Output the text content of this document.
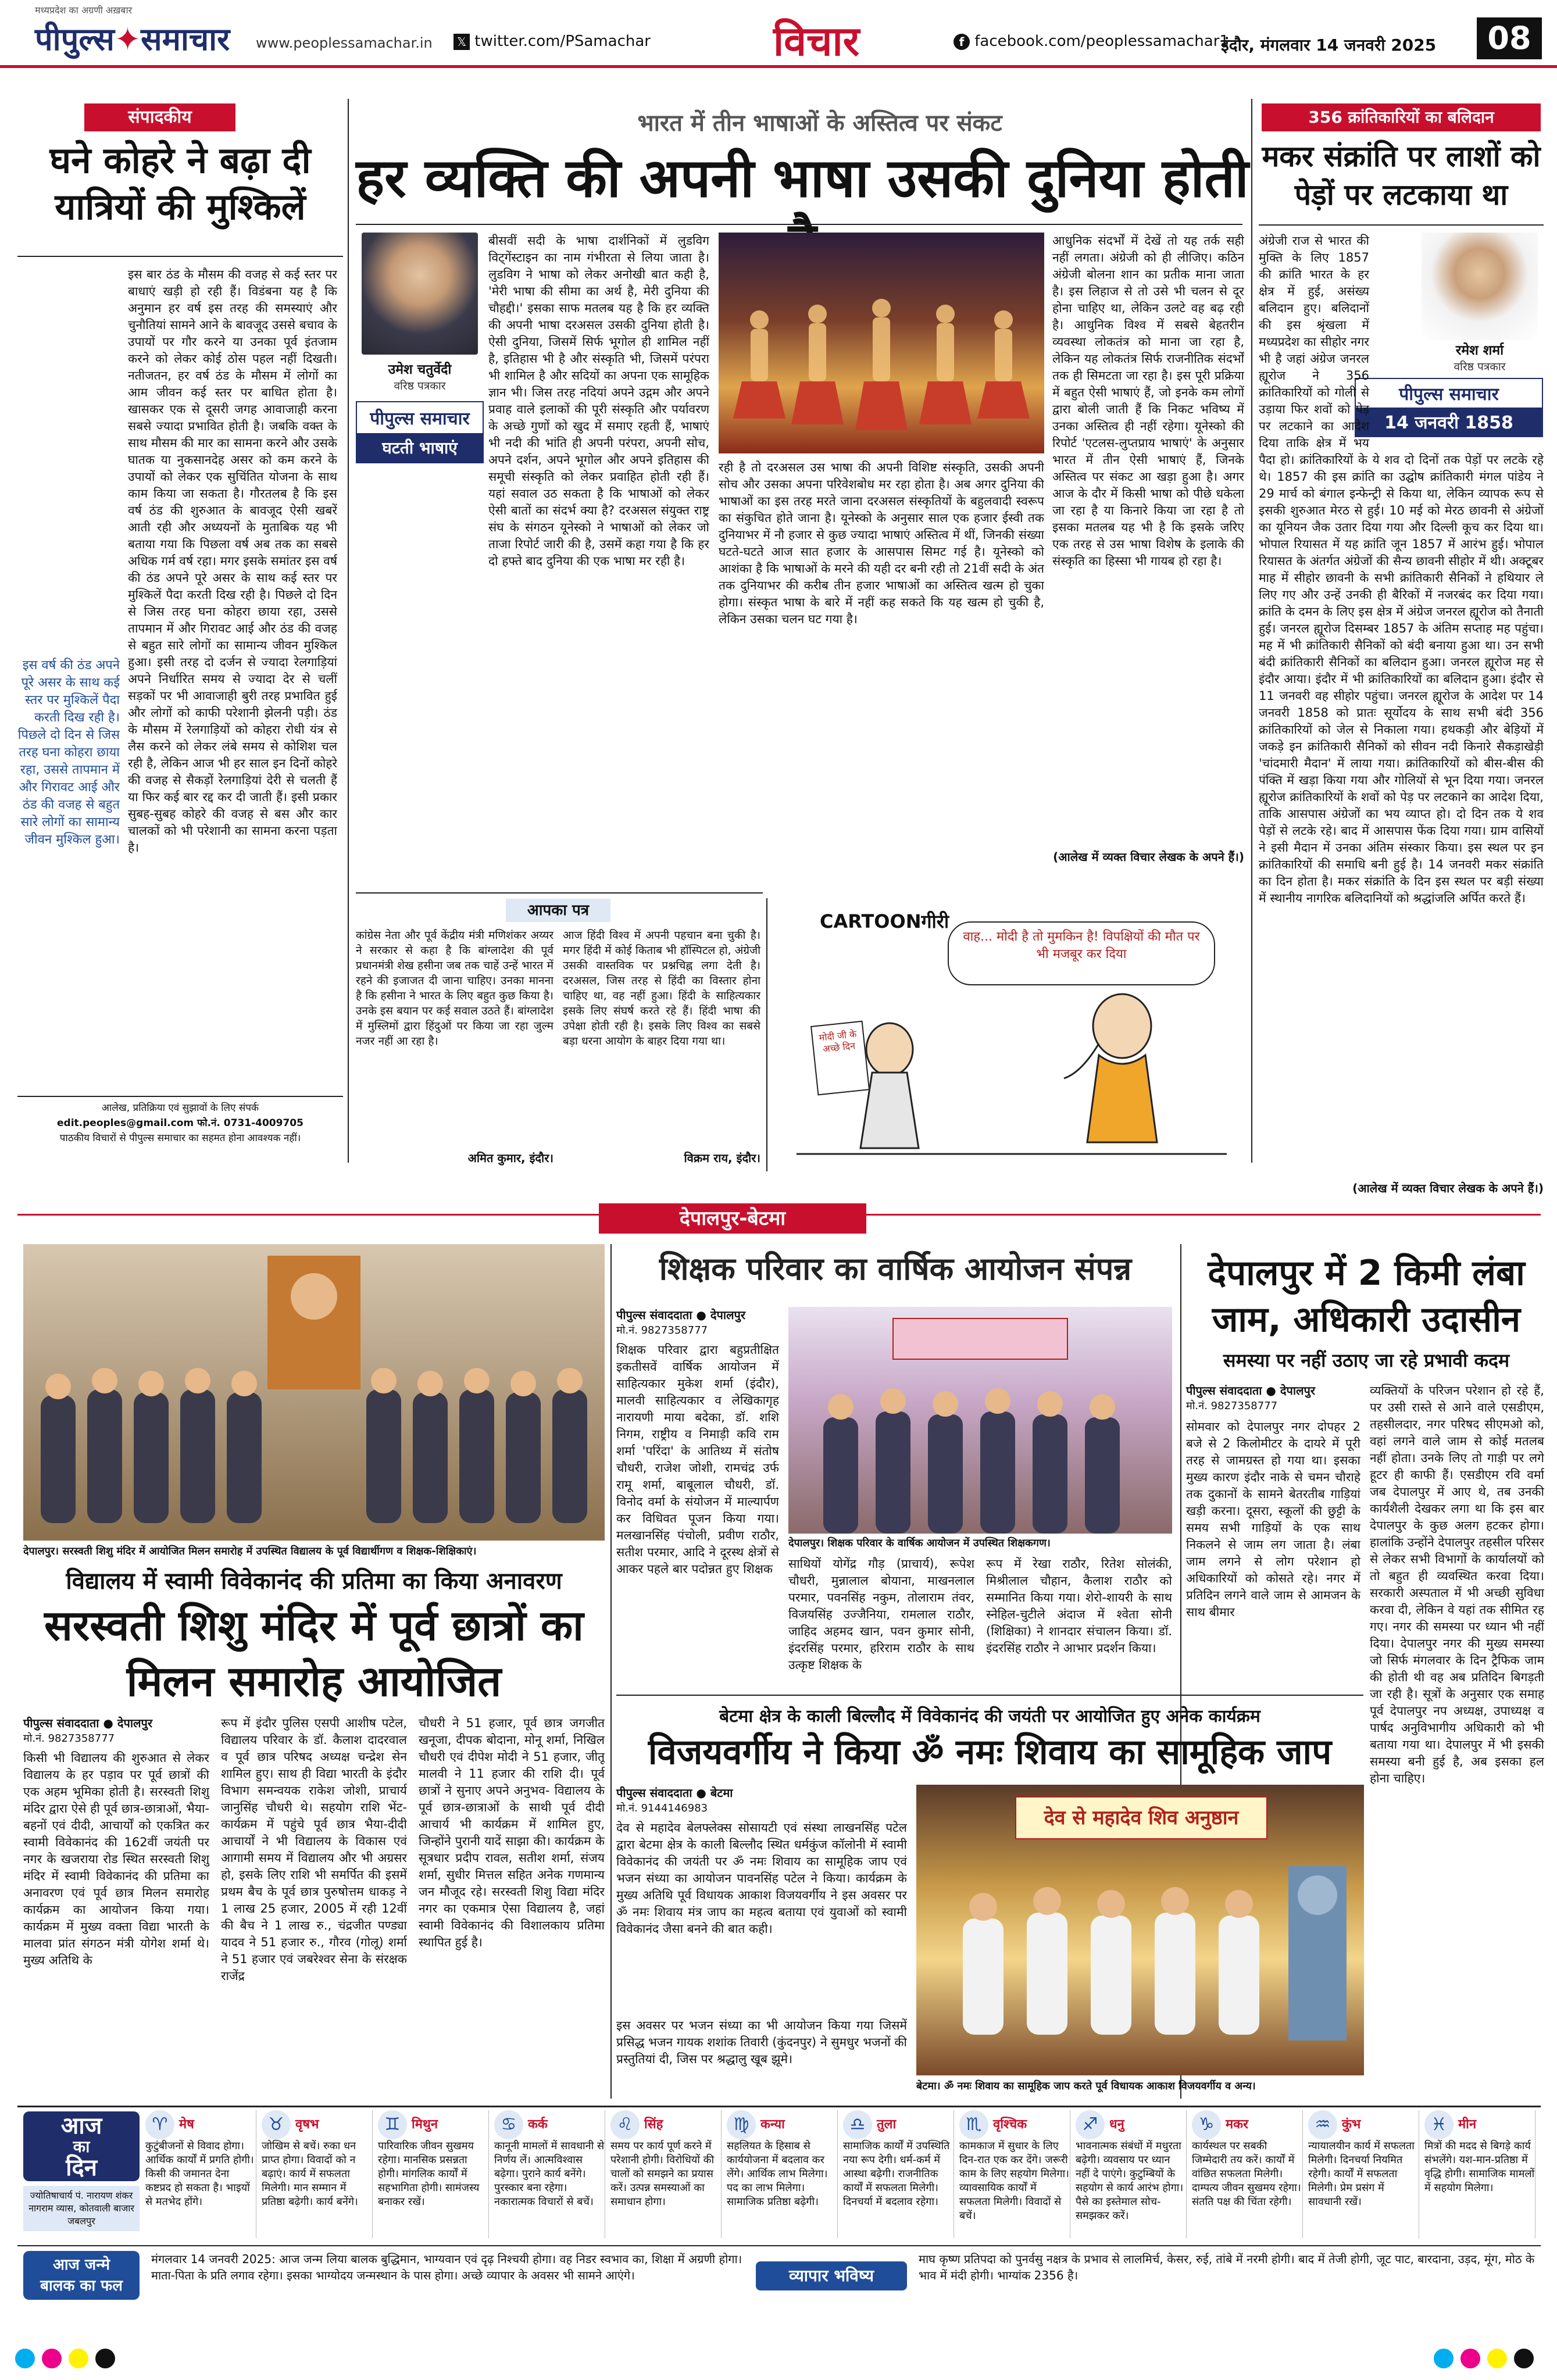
मध्यप्रदेश का अग्रणी अख़बार
पीपुल्स✦समाचार www.peoplessamachar.in 𝕏 twitter.com/PSamachar	विचार	f facebook.com/peoplessamachar1
इंदौर, मंगलवार 14 जनवरी 2025	08
संपादकीय
घने कोहरे ने बढ़ा दी यात्रियों की मुश्किलें
इस बार ठंड के मौसम की वजह से कई स्तर पर बाधाएं खड़ी हो रही हैं। विडंबना यह है कि अनुमान हर वर्ष इस तरह की समस्याएं और चुनौतियां सामने आने के बावजूद उससे बचाव के उपायों पर गौर करने या उनका पूर्व इंतजाम करने को लेकर कोई ठोस पहल नहीं दिखती। नतीजतन, हर वर्ष ठंड के मौसम में लोगों का आम जीवन कई स्तर पर बाधित होता है। खासकर एक से दूसरी जगह आवाजाही करना सबसे ज्यादा प्रभावित होती है। जबकि वक्त के साथ मौसम की मार का सामना करने और उसके घातक या नुकसानदेह असर को कम करने के उपायों को लेकर एक सुचिंतित योजना के साथ काम किया जा सकता है। गौरतलब है कि इस वर्ष ठंड की शुरुआत के बावजूद ऐसी खबरें आती रही और अध्ययनों के मुताबिक यह भी बताया गया कि पिछला वर्ष अब तक का सबसे अधिक गर्म वर्ष रहा। मगर इसके समांतर इस वर्ष की ठंड अपने पूरे असर के साथ कई स्तर पर मुश्किलें पैदा करती दिख रही है। पिछले दो दिन से जिस तरह घना कोहरा छाया रहा, उससे तापमान में और गिरावट आई और ठंड की वजह से बहुत सारे लोगों का सामान्य जीवन मुश्किल हुआ। इसी तरह दो दर्जन से ज्यादा रेलगाड़ियां अपने निर्धारित समय से ज्यादा देर से चलीं सड़कों पर भी आवाजाही बुरी तरह प्रभावित हुई और लोगों को काफी परेशानी झेलनी पड़ी। ठंड के मौसम में रेलगाड़ियों को कोहरा रोधी यंत्र से लैस करने को लेकर लंबे समय से कोशिश चल रही है, लेकिन आज भी हर साल इन दिनों कोहरे की वजह से सैकड़ों रेलगाड़ियां देरी से चलती हैं या फिर कई बार रद्द कर दी जाती हैं। इसी प्रकार सुबह-सुबह कोहरे की वजह से बस और कार चालकों को भी परेशानी का सामना करना पड़ता है।
इस वर्ष की ठंड अपने पूरे असर के साथ कई स्तर पर मुश्किलें पैदा करती दिख रही है। पिछले दो दिन से जिस तरह घना कोहरा छाया रहा, उससे तापमान में और गिरावट आई और ठंड की वजह से बहुत सारे लोगों का सामान्य जीवन मुश्किल हुआ।
आलेख, प्रतिक्रिया एवं सुझावों के लिए संपर्क
edit.peoples@gmail.com फो.नं. 0731-4009705
पाठकीय विचारों से पीपुल्स समाचार का सहमत होना आवश्यक नहीं।
भारत में तीन भाषाओं के अस्तित्व पर संकट
हर व्यक्ति की अपनी भाषा उसकी दुनिया होती
उमेश चतुर्वेदी
वरिष्ठ पत्रकार
पीपुल्स समाचार
घटती भाषाएं
बीसवीं सदी के भाषा दार्शनिकों में लुडविग विट्गेंस्टाइन का नाम गंभीरता से लिया जाता है। लुडविग ने भाषा को लेकर अनोखी बात कही है, 'मेरी भाषा की सीमा का अर्थ है, मेरी दुनिया की चौहद्दी।' इसका साफ मतलब यह है कि हर व्यक्ति की अपनी भाषा दरअसल उसकी दुनिया होती है। ऐसी दुनिया, जिसमें सिर्फ भूगोल ही शामिल नहीं है, इतिहास भी है और संस्कृति भी, जिसमें परंपरा भी शामिल है और सदियों का अपना एक सामूहिक ज्ञान भी। जिस तरह नदियां अपने उद्गम और अपने प्रवाह वाले इलाकों की पूरी संस्कृति और पर्यावरण के अच्छे गुणों को खुद में समाए रहती हैं, भाषाएं भी नदी की भांति ही अपनी परंपरा, अपनी सोच, अपने दर्शन, अपने भूगोल और अपने इतिहास की समूची संस्कृति को लेकर प्रवाहित होती रही हैं। यहां सवाल उठ सकता है कि भाषाओं को लेकर ऐसी बातों का संदर्भ क्या है? दरअसल संयुक्त राष्ट्र संघ के संगठन यूनेस्को ने भाषाओं को लेकर जो ताजा रिपोर्ट जारी की है, उसमें कहा गया है कि हर दो हफ्ते बाद दुनिया की एक भाषा मर रही है।
रही है तो दरअसल उस भाषा की अपनी विशिष्ट संस्कृति, उसकी अपनी सोच और उसका अपना परिवेशबोध मर रहा होता है। अब अगर दुनिया की भाषाओं का इस तरह मरते जाना दरअसल संस्कृतियों के बहुलवादी स्वरूप का संकुचित होते जाना है। यूनेस्को के अनुसार साल एक हजार ईस्वी तक दुनियाभर में नौ हजार से कुछ ज्यादा भाषाएं अस्तित्व में थीं, जिनकी संख्या घटते-घटते आज सात हजार के आसपास सिमट गई है। यूनेस्को को आशंका है कि भाषाओं के मरने की यही दर बनी रही तो 21वीं सदी के अंत तक दुनियाभर की करीब तीन हजार भाषाओं का अस्तित्व खत्म हो चुका होगा। संस्कृत भाषा के बारे में नहीं कह सकते कि यह खत्म हो चुकी है, लेकिन उसका चलन घट गया है।
आधुनिक संदर्भों में देखें तो यह तर्क सही नहीं लगता। अंग्रेजी को ही लीजिए। कठिन अंग्रेजी बोलना शान का प्रतीक माना जाता है। इस लिहाज से तो उसे भी चलन से दूर होना चाहिए था, लेकिन उलटे वह बढ़ रही है। आधुनिक विश्व में सबसे बेहतरीन व्यवस्था लोकतंत्र को माना जा रहा है, लेकिन यह लोकतंत्र सिर्फ राजनीतिक संदर्भों तक ही सिमटता जा रहा है। इस पूरी प्रक्रिया में बहुत ऐसी भाषाएं हैं, जो इनके कम लोगों द्वारा बोली जाती हैं कि निकट भविष्य में उनका अस्तित्व ही नहीं रहेगा। यूनेस्को की रिपोर्ट 'एटलस-लुप्तप्राय भाषाएं' के अनुसार भारत में तीन ऐसी भाषाएं हैं, जिनके अस्तित्व पर संकट आ खड़ा हुआ है। अगर आज के दौर में किसी भाषा को पीछे धकेला जा रहा है या किनारे किया जा रहा है तो इसका मतलब यह भी है कि इसके जरिए एक तरह से उस भाषा विशेष के इलाके की संस्कृति का हिस्सा भी गायब हो रहा है।
(आलेख में व्यक्त विचार लेखक के अपने हैं।)
356 क्रांतिकारियों का बलिदान
मकर संक्रांति पर लाशों को पेड़ों पर लटकाया था
रमेश शर्मा
वरिष्ठ पत्रकार
पीपुल्स समाचार
14 जनवरी 1858
अंग्रेजी राज से भारत की मुक्ति के लिए 1857 की क्रांति भारत के हर क्षेत्र में हुई, असंख्य बलिदान हुए। बलिदानों की इस श्रृंखला में मध्यप्रदेश का सीहोर नगर भी है जहां अंग्रेज जनरल ह्यूरोज ने 356 क्रांतिकारियों को गोली से उड़ाया फिर शवों को पेड़ पर लटकाने का आदेश दिया ताकि क्षेत्र में भय पैदा हो। क्रांतिकारियों के ये शव दो दिनों तक पेड़ों पर लटके रहे थे। 1857 की इस क्रांति का उद्घोष क्रांतिकारी मंगल पांडेय ने 29 मार्च को बंगाल इन्फेन्ट्री से किया था, लेकिन व्यापक रूप से इसकी शुरुआत मेरठ से हुई। 10 मई को मेरठ छावनी से अंग्रेजों का यूनियन जैक उतार दिया गया और दिल्ली कूच कर दिया था। भोपाल रियासत में यह क्रांति जून 1857 में आरंभ हुई। भोपाल रियासत के अंतर्गत अंग्रेजों की सैन्य छावनी सीहोर में थी। अक्टूबर माह में सीहोर छावनी के सभी क्रांतिकारी सैनिकों ने हथियार ले लिए गए और उन्हें उनकी ही बैरिकों में नजरबंद कर दिया गया। क्रांति के दमन के लिए इस क्षेत्र में अंग्रेज जनरल ह्यूरोज को तैनाती हुई। जनरल ह्यूरोज दिसम्बर 1857 के अंतिम सप्ताह मह पहुंचा। मह में भी क्रांतिकारी सैनिकों को बंदी बनाया हुआ था। उन सभी बंदी क्रांतिकारी सैनिकों का बलिदान हुआ। जनरल ह्यूरोज मह से इंदौर आया। इंदौर में भी क्रांतिकारियों का बलिदान हुआ। इंदौर से 11 जनवरी वह सीहोर पहुंचा। जनरल ह्यूरोज के आदेश पर 14 जनवरी 1858 को प्रातः सूर्योदय के साथ सभी बंदी 356 क्रांतिकारियों को जेल से निकाला गया। हथकड़ी और बेड़ियों में जकड़े इन क्रांतिकारी सैनिकों को सीवन नदी किनारे सैकड़ाखेड़ी 'चांदमारी मैदान' में लाया गया। क्रांतिकारियों को बीस-बीस की पंक्ति में खड़ा किया गया और गोलियों से भून दिया गया। जनरल ह्यूरोज क्रांतिकारियों के शवों को पेड़ पर लटकाने का आदेश दिया, ताकि आसपास अंग्रेजों का भय व्याप्त हो। दो दिन तक ये शव पेड़ों से लटके रहे। बाद में आसपास फेंक दिया गया। ग्राम वासियों ने इसी मैदान में उनका अंतिम संस्कार किया। इस स्थल पर इन क्रांतिकारियों की समाधि बनी हुई है। 14 जनवरी मकर संक्रांति का दिन होता है। मकर संक्रांति के दिन इस स्थल पर बड़ी संख्या में स्थानीय नागरिक बलिदानियों को श्रद्धांजलि अर्पित करते हैं।
(आलेख में व्यक्त विचार लेखक के अपने हैं।)
आपका पत्र
कांग्रेस नेता और पूर्व केंद्रीय मंत्री मणिशंकर अय्यर ने सरकार से कहा है कि बांग्लादेश की पूर्व प्रधानमंत्री शेख हसीना जब तक चाहें उन्हें भारत में रहने की इजाजत दी जाना चाहिए। उनका मानना है कि हसीना ने भारत के लिए बहुत कुछ किया है। उनके इस बयान पर कई सवाल उठते हैं। बांग्लादेश में मुस्लिमों द्वारा हिंदुओं पर किया जा रहा जुल्म नजर नहीं आ रहा है।
अमित कुमार, इंदौर।
आज हिंदी विश्व में अपनी पहचान बना चुकी है। मगर हिंदी में कोई किताब भी हॉस्पिटल हो, अंग्रेजी उसकी वास्तविक पर प्रश्नचिह्न लगा देती है। दरअसल, जिस तरह से हिंदी का विस्तार होना चाहिए था, वह नहीं हुआ। हिंदी के साहित्यकार इसके लिए संघर्ष करते रहे हैं। हिंदी भाषा की उपेक्षा होती रही है। इसके लिए विश्व का सबसे बड़ा धरना आयोग के बाहर दिया गया था।
विक्रम राय, इंदौर।
CARTOONगीरी
वाह... मोदी है तो मुमकिन है! विपक्षियों की मौत पर भी मजबूर कर दिया
मोदी जी के अच्छे दिन
देपालपुर-बेटमा
देपालपुर। सरस्वती शिशु मंदिर में आयोजित मिलन समारोह में उपस्थित विद्यालय के पूर्व विद्यार्थीगण व शिक्षक-शिक्षिकाएं।
विद्यालय में स्वामी विवेकानंद की प्रतिमा का किया अनावरण
सरस्वती शिशु मंदिर में पूर्व छात्रों का मिलन समारोह आयोजित
पीपुल्स संवाददाता ● देपालपुर
मो.नं. 9827358777
किसी भी विद्यालय की शुरुआत से लेकर विद्यालय के हर पड़ाव पर पूर्व छात्रों की एक अहम भूमिका होती है। सरस्वती शिशु मंदिर द्वारा ऐसे ही पूर्व छात्र-छात्राओं, भैया-बहनों एवं दीदी, आचार्यों को एकत्रित कर स्वामी विवेकानंद की 162वीं जयंती पर नगर के खजराया रोड स्थित सरस्वती शिशु मंदिर में स्वामी विवेकानंद की प्रतिमा का अनावरण एवं पूर्व छात्र मिलन समारोह कार्यक्रम का आयोजन किया गया। कार्यक्रम में मुख्य वक्ता विद्या भारती के मालवा प्रांत संगठन मंत्री योगेश शर्मा थे। मुख्य अतिथि के
रूप में इंदौर पुलिस एसपी आशीष पटेल, विद्यालय परिवार के डॉ. कैलाश दादरवाल व पूर्व छात्र परिषद अध्यक्ष चन्द्रेश सेन शामिल हुए। साथ ही विद्या भारती के इंदौर विभाग समन्वयक राकेश जोशी, प्राचार्य जानुसिंह चौधरी थे। सहयोग राशि भेंट-कार्यक्रम में पहुंचे पूर्व छात्र भैया-दीदी आचार्यों ने भी विद्यालय के विकास एवं आगामी समय में विद्यालय और भी अग्रसर हो, इसके लिए राशि भी समर्पित की इसमें प्रथम बैच के पूर्व छात्र पुरुषोत्तम धाकड़ ने 1 लाख 25 हजार, 2005 में रही 12वीं की बैच ने 1 लाख रु., चंद्रजीत पण्ड्या यादव ने 51 हजार रु., गौरव (गोलू) शर्मा ने 51 हजार एवं जबरेश्वर सेना के संरक्षक राजेंद्र
चौधरी ने 51 हजार, पूर्व छात्र जगजीत खनूजा, दीपक बोदाना, मोनू शर्मा, निखिल चौधरी एवं दीपेश मोदी ने 51 हजार, जीतू मालवी ने 11 हजार की राशि दी। पूर्व छात्रों ने सुनाए अपने अनुभव- विद्यालय के पूर्व छात्र-छात्राओं के साथी पूर्व दीदी आचार्य भी कार्यक्रम में शामिल हुए, जिन्होंने पुरानी यादें साझा की। कार्यक्रम के सूत्रधार प्रदीप रावल, सतीश शर्मा, संजय शर्मा, सुधीर मित्तल सहित अनेक गणमान्य जन मौजूद रहे। सरस्वती शिशु विद्या मंदिर नगर का एकमात्र ऐसा विद्यालय है, जहां स्वामी विवेकानंद की विशालकाय प्रतिमा स्थापित हुई है।
शिक्षक परिवार का वार्षिक आयोजन संपन्न
पीपुल्स संवाददाता ● देपालपुर
मो.नं. 9827358777
शिक्षक परिवार द्वारा बहुप्रतीक्षित इकतीसवें वार्षिक आयोजन में साहित्यकार मुकेश शर्मा (इंदौर), मालवी साहित्यकार व लेखिकागृह नारायणी माया बदेका, डॉ. शशि निगम, राष्ट्रीय व निमाड़ी कवि राम शर्मा 'परिंदा' के आतिथ्य में संतोष चौधरी, राजेश जोशी, रामचंद्र उर्फ रामू शर्मा, बाबूलाल चौधरी, डॉ. विनोद वर्मा के संयोजन में माल्यार्पण कर विधिवत पूजन किया गया। मलखानसिंह पंचोली, प्रवीण राठौर, सतीश परमार, आदि ने दूरस्थ क्षेत्रों से आकर पहले बार पदोन्नत हुए शिक्षक
देपालपुर। शिक्षक परिवार के वार्षिक आयोजन में उपस्थित शिक्षकगण।
साथियों योगेंद्र गौड़ (प्राचार्य), रूपेश चौधरी, मुन्नालाल बोयाना, माखनलाल परमार, पवनसिंह नकुम, तोलाराम तंवर, विजयसिंह उज्जैनिया, रामलाल राठौर, जाहिद अहमद खान, पवन कुमार सोनी, इंदरसिंह परमार, हरिराम राठौर के साथ उत्कृष्ट शिक्षक के
रूप में रेखा राठौर, रितेश सोलंकी, मिश्रीलाल चौहान, कैलाश राठौर को सम्मानित किया गया। शेरो-शायरी के साथ स्नेहिल-चुटीले अंदाज में श्वेता सोनी (शिक्षिका) ने शानदार संचालन किया। डॉ. इंदरसिंह राठौर ने आभार प्रदर्शन किया।
देपालपुर में 2 किमी लंबा जाम, अधिकारी उदासीन
समस्या पर नहीं उठाए जा रहे प्रभावी कदम
पीपुल्स संवाददाता ● देपालपुर
मो.नं. 9827358777
सोमवार को देपालपुर नगर दोपहर 2 बजे से 2 किलोमीटर के दायरे में पूरी तरह से जामग्रस्त हो गया था। इसका मुख्य कारण इंदौर नाके से चमन चौराहे तक दुकानों के सामने बेतरतीब गाड़ियां खड़ी करना। दूसरा, स्कूलों की छुट्टी के समय सभी गाड़ियों के एक साथ निकलने से जाम लग जाता है। लंबा जाम लगने से लोग परेशान हो अधिकारियों को कोसते रहे। नगर में प्रतिदिन लगने वाले जाम से आमजन के साथ बीमार
व्यक्तियों के परिजन परेशान हो रहे हैं, पर उसी रास्ते से आने वाले एसडीएम, तहसीलदार, नगर परिषद सीएमओ को, वहां लगने वाले जाम से कोई मतलब नहीं होता। उनके लिए तो गाड़ी पर लगे हूटर ही काफी हैं। एसडीएम रवि वर्मा जब देपालपुर में आए थे, तब उनकी कार्यशैली देखकर लगा था कि इस बार देपालपुर के कुछ अलग हटकर होगा। हालांकि उन्होंने देपालपुर तहसील परिसर से लेकर सभी विभागों के कार्यालयों को तो बहुत ही व्यवस्थित करवा दिया। सरकारी अस्पताल में भी अच्छी सुविधा करवा दी, लेकिन वे यहां तक सीमित रह गए। नगर की समस्या पर ध्यान भी नहीं दिया। देपालपुर नगर की मुख्य समस्या जो सिर्फ मंगलवार के दिन ट्रैफिक जाम की होती थी वह अब प्रतिदिन बिगड़ती जा रही है। सूत्रों के अनुसार एक समाह पूर्व देपालपुर नप अध्यक्ष, उपाध्यक्ष व पार्षद अनुविभागीय अधिकारी को भी बताया गया था। देपालपुर में भी इसकी समस्या बनी हुई है, अब इसका हल होना चाहिए।
बेटमा क्षेत्र के काली बिल्लौद में विवेकानंद की जयंती पर आयोजित हुए अनेक कार्यक्रम
विजयवर्गीय ने किया ॐ नमः शिवाय का सामूहिक जाप
पीपुल्स संवाददाता ● बेटमा
मो.नं. 9144146983
देव से महादेव बेलफ्लेक्स सोसायटी एवं संस्था लाखनसिंह पटेल द्वारा बेटमा क्षेत्र के काली बिल्लौद स्थित धर्मकुंज कॉलोनी में स्वामी विवेकानंद की जयंती पर ॐ नमः शिवाय का सामूहिक जाप एवं भजन संध्या का आयोजन पावनसिंह पटेल ने किया। कार्यक्रम के मुख्य अतिथि पूर्व विधायक आकाश विजयवर्गीय ने इस अवसर पर ॐ नमः शिवाय मंत्र जाप का महत्व बताया एवं युवाओं को स्वामी विवेकानंद जैसा बनने की बात कही।
इस अवसर पर भजन संध्या का भी आयोजन किया गया जिसमें प्रसिद्ध भजन गायक शशांक तिवारी (कुंदनपुर) ने सुमधुर भजनों की प्रस्तुतियां दी, जिस पर श्रद्धालु खूब झूमे।
देव से महादेव शिव अनुष्ठान
बेटमा। ॐ नमः शिवाय का सामूहिक जाप करते पूर्व विधायक आकाश विजयवर्गीय व अन्य।
आज
का
दिन
ज्योतिषाचार्य पं. नारायण शंकर नागराम व्यास, कोतवाली बाजार जबलपुर
♈ मेष
कुटुंबीजनों से विवाद होगा। आर्थिक कार्यों में प्रगति होगी। किसी की जमानत देना कष्टप्रद हो सकता है। भाइयों से मतभेद होंगे।
♉ वृषभ
जोखिम से बचें। रुका धन प्राप्त होगा। विवादों को न बढ़ाएं। कार्य में सफलता मिलेगी। मान सम्मान में प्रतिष्ठा बढ़ेगी। कार्य बनेंगे।
♊ मिथुन
पारिवारिक जीवन सुखमय रहेगा। मानसिक प्रसन्नता होगी। मांगलिक कार्यों में सहभागिता होगी। सामंजस्य बनाकर रखें।
♋ कर्क
कानूनी मामलों में सावधानी से निर्णय लें। आत्मविश्वास बढ़ेगा। पुराने कार्य बनेंगे। पुरस्कार बना रहेगा। नकारात्मक विचारों से बचें।
♌ सिंह
समय पर कार्य पूर्ण करने में परेशानी होगी। विरोधियों की चालों को समझने का प्रयास करें। उत्पन्न समस्याओं का समाधान होगा।
♍ कन्या
सहलियत के हिसाब से कार्ययोजना में बदलाव कर लेंगे। आर्थिक लाभ मिलेगा। पद का लाभ मिलेगा। सामाजिक प्रतिष्ठा बढ़ेगी।
♎ तुला
सामाजिक कार्यों में उपस्थिति नया रूप देगी। धर्म-कर्म में आस्था बढ़ेगी। राजनीतिक कार्यों में सफलता मिलेगी। दिनचर्या में बदलाव रहेगा।
♏ वृश्चिक
कामकाज में सुधार के लिए दिन-रात एक कर देंगे। जरूरी काम के लिए सहयोग मिलेगा। व्यावसायिक कार्यों में सफलता मिलेगी। विवादों से बचें।
♐ धनु
भावनात्मक संबंधों में मधुरता बढ़ेगी। व्यवसाय पर ध्यान नहीं दे पाएंगे। कुटुम्बियों के सहयोग से कार्य आरंभ होगा। पैसे का इस्तेमाल सोच-समझकर करें।
♑ मकर
कार्यस्थल पर सबकी जिम्मेदारी तय करें। कार्यों में वांछित सफलता मिलेगी। दाम्पत्य जीवन सुखमय रहेगा। संतति पक्ष की चिंता रहेगी।
♒ कुंभ
न्यायालयीन कार्य में सफलता मिलेगी। दिनचर्या नियमित रहेगी। कार्यों में सफलता मिलेगी। प्रेम प्रसंग में सावधानी रखें।
♓ मीन
मित्रों की मदद से बिगड़े कार्य संभलेंगे। यश-मान-प्रतिष्ठा में वृद्धि होगी। सामाजिक मामलों में सहयोग मिलेगा।
आज जन्मे
बालक का फल
मंगलवार 14 जनवरी 2025: आज जन्म लिया बालक बुद्धिमान, भाग्यवान एवं दृढ़ निश्चयी होगा। वह निडर स्वभाव का, शिक्षा में अग्रणी होगा। माता-पिता के प्रति लगाव रहेगा। इसका भाग्योदय जन्मस्थान के पास होगा। अच्छे व्यापार के अवसर भी सामने आएंगे।	व्यापार भविष्य
माघ कृष्ण प्रतिपदा को पुनर्वसु नक्षत्र के प्रभाव से लालमिर्च, केसर, रुई, तांबे में नरमी होगी। बाद में तेजी होगी, जूट पाट, बारदाना, उड़द, मूंग, मोठ के भाव में मंदी होगी। भाग्यांक 2356 है।
